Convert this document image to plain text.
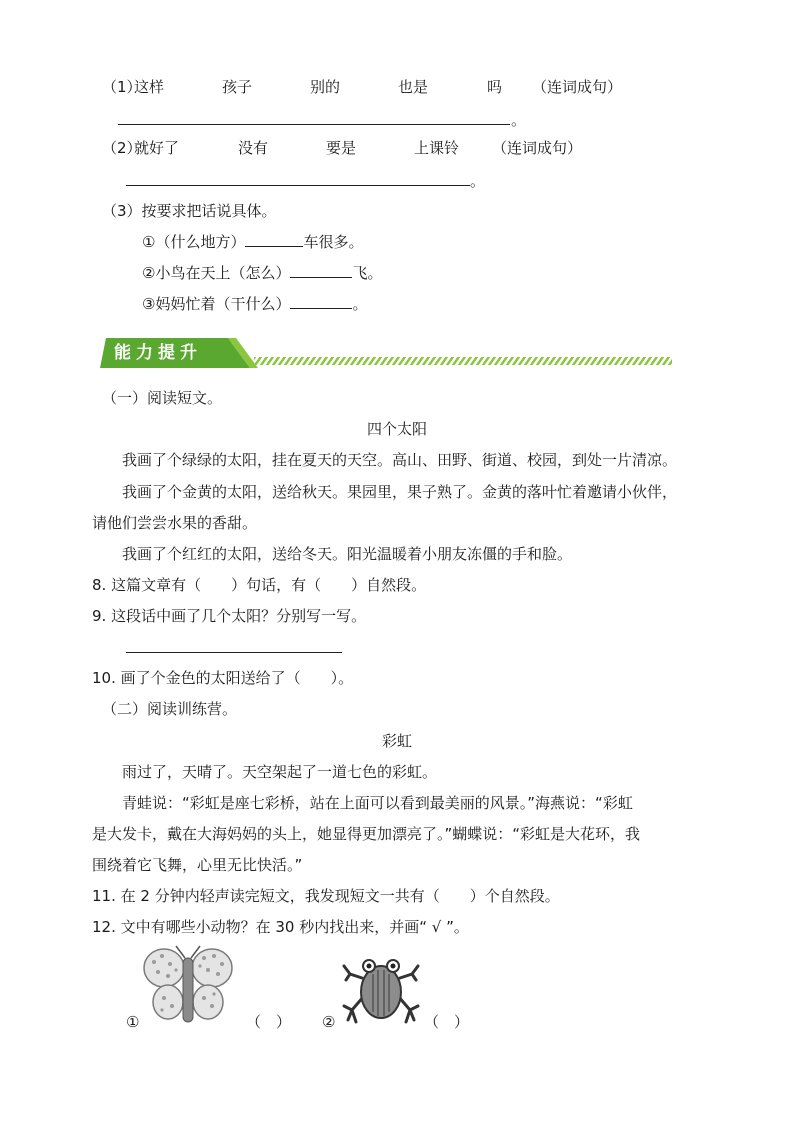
（1）
这样	孩子	别的	也是	吗 （连词成句）
。
（2）
就好了	没有	要是	上课铃 （连词成句）
。
（3）按要求把话说具体。
①（什么地方）	车很多。
②小鸟在天上（怎么）	飞。
③妈妈忙着（干什么）	。
能力提升
（一）阅读短文。
四个太阳
我画了个绿绿的太阳，挂在夏天的天空。高山、田野、街道、校园，到处一片清凉。
我画了个金黄的太阳，送给秋天。果园里，果子熟了。金黄的落叶忙着邀请小伙伴，
请他们尝尝水果的香甜。
我画了个红红的太阳，送给冬天。阳光温暖着小朋友冻僵的手和脸。
8. 这篇文章有（　　）句话，有（　　）自然段。
9. 这段话中画了几个太阳？分别写一写。
10. 画了个金色的太阳送给了（　　）。
（二）阅读训练营。
彩虹
雨过了，天晴了。天空架起了一道七色的彩虹。
青蛙说：“彩虹是座七彩桥，站在上面可以看到最美丽的风景。”海燕说：“彩虹
是大发卡，戴在大海妈妈的头上，她显得更加漂亮了。”蝴蝶说：“彩虹是大花环，我
围绕着它飞舞，心里无比快活。”
11. 在 2 分钟内轻声读完短文，我发现短文一共有（　　）个自然段。
12. 文中有哪些小动物？在 30 秒内找出来，并画“ √ ”。
①	（　） ②	（　）
